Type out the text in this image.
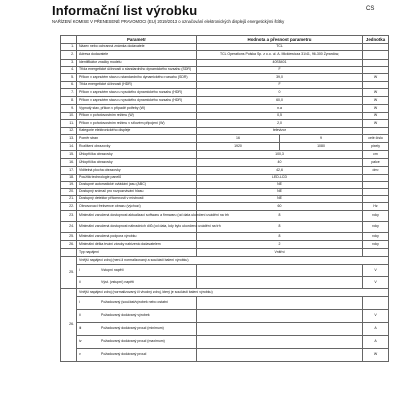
Informační list výrobku	CS
NAŘÍZENÍ KOMISE V PŘENESENÉ PRAVOMOCI (EU) 2019/2013 o označování elektronických displejů energetickými štítky
	Parametr	Hodnota a přesnost parametru		Jednotka
1.	Název nebo ochranná známka dodavatele	TCL		
2.	Adresa dodavatele	TCL Operations Polska Sp. z o.o. ul. A. Mickiewicza 31/41, 96-300 Żyrardów,		
3.	Identifikátor značky modelu	40S5401		
4.	Třída energetické účinnosti u standardního dynamického rozsahu (SDR)	F		
5.	Příkon v zapnutém stavu u standardního dynamického rozsahu (SDR)	39,0		W
6.	Třída energetické účinnosti (HDR)	F		
7.	Příkon v zapnutém stavu u vysokého dynamického rozsahu (HDR)	0		W
8.	Příkon v zapnutém stavu u vysokého dynamického rozsahu (HDR)	60,0		W
9.	Vypnutý stav, příkon v případě potřeby (W)	n.a		W
10.	Příkon v pohotovostním režimu (W)	0,5		W
11.	Příkon v pohotovostním režimu v síťovém připojení (W)	2,0		W
12.	Kategorie elektronického displeje	televizor		
13.	Poměr stran	16	9	celé číslo
14.	Rozlišení obrazovky	1920	1080	pixely
15.	Úhlopříčka obrazovky	100,3		cm
16.	Úhlopříčka obrazovky	40		palce
17.	Viditelná plocha obrazovky	42,6		dm²
18.	Použitá technologie panelů	LED-LCD		
19.	Dostupné automatické ovládání jasu (ABC)	NE		
20.	Dostupný snímač pro rozpoznávání hlasu	NE		
21.	Dostupný detektor přítomnosti v místnosti	NE		
22.	Obnovovací frekvence obrazu (výchozí)	60		Hz
23.	Minimální zaručená dostupnost aktualizací softwaru a firmwaru (od data ukončení uvádění na trh	8		roky
24.	Minimální zaručená dostupnost náhradních dílů (od data, kdy bylo ukončeno uvádění na trh	8		roky
25.	Minimální zaručená podpora výrobku	8		roky
26.	Minimální délka trvání záruky nabízená dodavatelem	2		roky
	Typ napájení	Vnitřní		
25.	Vnější napájecí zdroj (není-li normalizovaný a součástí balení výrobku)			
	i Vstupní napětí			V
	ii Výst. (vstupní) napětí			V
26.	Vnější napájecí zdroj (normalizovaný či vhodný zdroj, který je součástí balení výrobku)			
	i Požadovaný (součást/výrobek nebo ostatní			
	ii Požadovaný dodávaný výrobek			V
	iii Požadovaný dodávaný proud (minimum)			A
	iv Požadovaný dodávaný proud (maximum)			A
	v Požadovaný dodávaný proud			W
